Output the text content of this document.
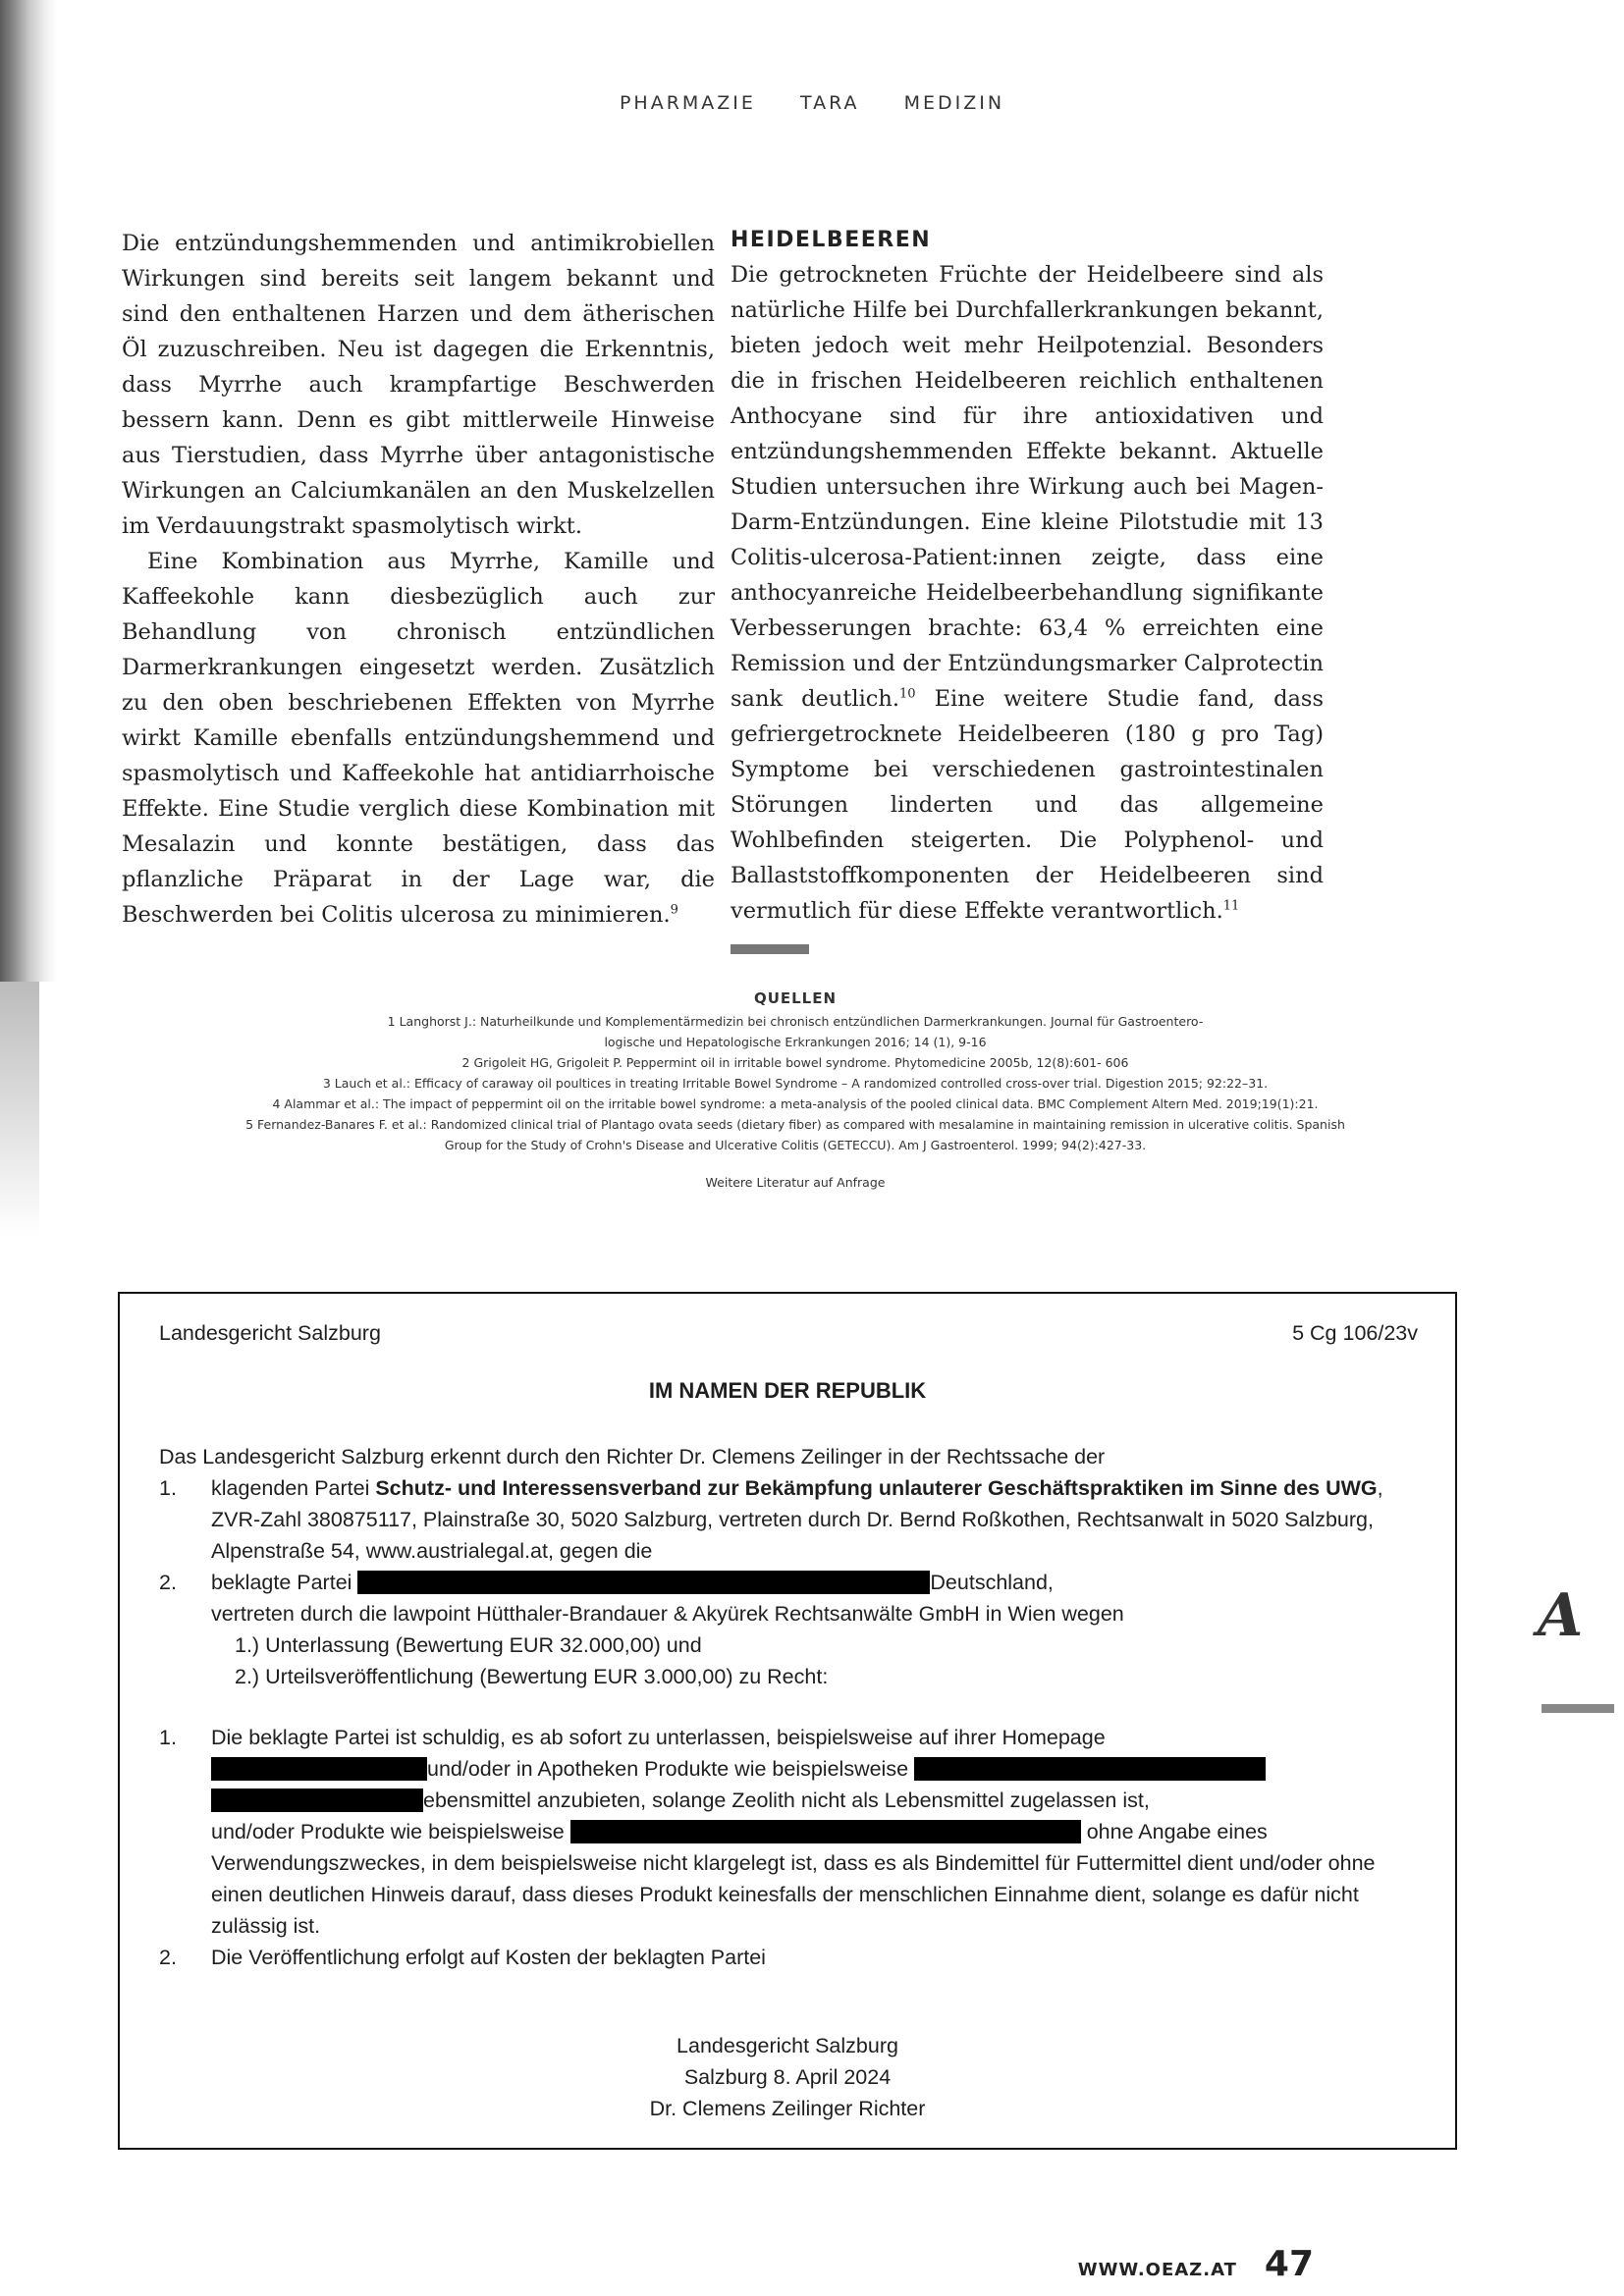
PHARMAZIE TARA MEDIZIN

Die entzündungshemmenden und antimikrobiellen Wirkungen sind bereits seit langem bekannt und sind den enthaltenen Harzen und dem ätherischen Öl zuzuschreiben. Neu ist dagegen die Erkenntnis, dass Myrrhe auch krampfartige Beschwerden bessern kann. Denn es gibt mittlerweile Hinweise aus Tierstudien, dass Myrrhe über antagonistische Wirkungen an Calciumkanälen an den Muskelzellen im Verdauungstrakt spasmolytisch wirkt.

Eine Kombination aus Myrrhe, Kamille und Kaffeekohle kann diesbezüglich auch zur Behandlung von chronisch entzündlichen Darmerkrankungen eingesetzt werden. Zusätzlich zu den oben beschriebenen Effekten von Myrrhe wirkt Kamille ebenfalls entzündungshemmend und spasmolytisch und Kaffeekohle hat antidiarrhoische Effekte. Eine Studie verglich diese Kombination mit Mesalazin und konnte bestätigen, dass das pflanzliche Präparat in der Lage war, die Beschwerden bei Colitis ulcerosa zu minimieren.$^9$

HEIDELBEEREN

Die getrockneten Früchte der Heidelbeere sind als natürliche Hilfe bei Durchfallerkrankungen bekannt, bieten jedoch weit mehr Heilpotenzial. Besonders die in frischen Heidelbeeren reichlich enthaltenen Anthocyane sind für ihre antioxidativen und entzündungshemmenden Effekte bekannt. Aktuelle Studien untersuchen ihre Wirkung auch bei Magen-Darm-Entzündungen. Eine kleine Pilotstudie mit 13 Colitis-ulcerosa-Patient:innen zeigte, dass eine anthocyanreiche Heidelbeerbehandlung signifikante Verbesserungen brachte: 63,4 % erreichten eine Remission und der Entzündungsmarker Calprotectin sank deutlich.$^{10}$ Eine weitere Studie fand, dass gefriergetrocknete Heidelbeeren (180 g pro Tag) Symptome bei verschiedenen gastrointestinalen Störungen linderten und das allgemeine Wohlbefinden steigerten. Die Polyphenol- und Ballaststoffkomponenten der Heidelbeeren sind vermutlich für diese Effekte verantwortlich.$^{11}$

QUELLEN
1 Langhorst J.: Naturheilkunde und Komplementärmedizin bei chronisch entzündlichen Darmerkrankungen. Journal für Gastroentero-
logische und Hepatologische Erkrankungen 2016; 14 (1), 9-16
2 Grigoleit HG, Grigoleit P. Peppermint oil in irritable bowel syndrome. Phytomedicine 2005b, 12(8):601- 606
3 Lauch et al.: Efficacy of caraway oil poultices in treating Irritable Bowel Syndrome – A randomized controlled cross-over trial. Digestion 2015; 92:22–31.
4 Alammar et al.: The impact of peppermint oil on the irritable bowel syndrome: a meta-analysis of the pooled clinical data. BMC Complement Altern Med. 2019;19(1):21.
5 Fernandez-Banares F. et al.: Randomized clinical trial of Plantago ovata seeds (dietary fiber) as compared with mesalamine in maintaining remission in ulcerative colitis. Spanish
Group for the Study of Crohn's Disease and Ulcerative Colitis (GETECCU). Am J Gastroenterol. 1999; 94(2):427-33.
Weitere Literatur auf Anfrage
Landesgericht Salzburg	5 Cg 106/23v
IM NAMEN DER REPUBLIK
Das Landesgericht Salzburg erkennt durch den Richter Dr. Clemens Zeilinger in der Rechtssache der
1. klagenden Partei Schutz- und Interessensverband zur Bekämpfung unlauterer Geschäftspraktiken im Sinne des UWG, ZVR-Zahl 380875117, Plainstraße 30, 5020 Salzburg, vertreten durch Dr. Bernd Roßkothen, Rechtsanwalt in 5020 Salzburg, Alpenstraße 54, www.austrialegal.at, gegen die
2. beklagte Partei	Deutschland,
vertreten durch die lawpoint Hütthaler-Brandauer & Akyürek Rechtsanwälte GmbH in Wien wegen
1.) Unterlassung (Bewertung EUR 32.000,00) und
2.) Urteilsveröffentlichung (Bewertung EUR 3.000,00) zu Recht:
1. Die beklagte Partei ist schuldig, es ab sofort zu unterlassen, beispielsweise auf ihrer Homepage
und/oder in Apotheken Produkte wie beispielsweise
ebensmittel anzubieten, solange Zeolith nicht als Lebensmittel zugelassen ist,
und/oder Produkte wie beispielsweise	ohne Angabe eines
Verwendungszweckes, in dem beispielsweise nicht klargelegt ist, dass es als Bindemittel für Futtermittel dient und/oder ohne einen deutlichen Hinweis darauf, dass dieses Produkt keinesfalls der menschlichen Einnahme dient, solange es dafür nicht zulässig ist.
2. Die Veröffentlichung erfolgt auf Kosten der beklagten Partei
Landesgericht Salzburg
Salzburg 8. April 2024
Dr. Clemens Zeilinger Richter
A
WWW.OEAZ.AT 47
